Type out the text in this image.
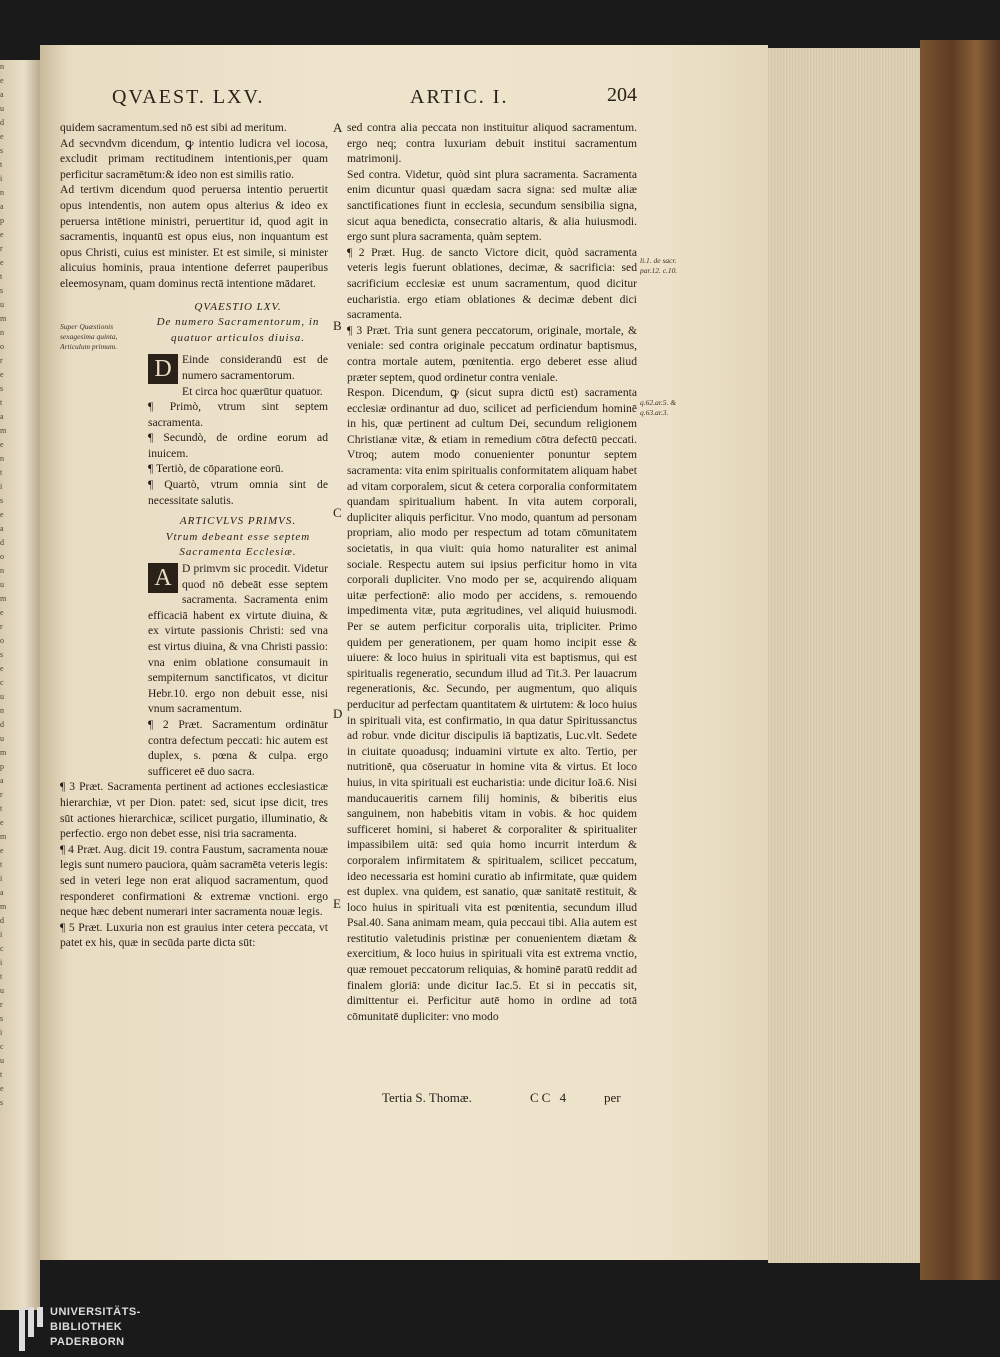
n
e
a
u
d
e
s
t
i
n
a
p
e
r
e
t
s
u
m
n
o
r
e
s
t
a
m
e
n
t
i
s
e
a
d
o
n
u
m
e
r
o
s
e
c
u
n
d
u
m
p
a
r
t
e
m
e
t
i
a
m
d
i
c
i
t
u
r
s
i
c
u
t
e
s
QVAEST. LXV.	ARTIC. I.	204

quidem sacramentum.sed nō est sibi ad meritum.

Ad secvndvm dicendum, ꝙ intentio ludicra vel iocosa, excludit primam rectitudinem intentionis,per quam perficitur sacramētum:& ideo non est similis ratio.

Ad tertivm dicendum quod peruersa intentio peruertit opus intendentis, non autem opus alterius & ideo ex peruersa intētione ministri, peruertitur id, quod agit in sacramentis, inquantū est opus eius, non inquantum est opus Christi, cuius est minister. Et est simile, si minister alicuius hominis, praua intentione deferret pauperibus eleemosynam, quam dominus rectā intentione mādaret.

QVAESTIO LXV.

De numero Sacramentorum, in quatuor articulos diuisa.

D Einde considerandū est de numero sacramentorum.

Et circa hoc quærūtur quatuor.

¶ Primò, vtrum sint septem sacramenta.

¶ Secundò, de ordine eorum ad inuicem.

¶ Tertiò, de cōparatione eorū.

¶ Quartò, vtrum omnia sint de necessitate salutis.

ARTICVLVS PRIMVS.

Vtrum debeant esse septem Sacramenta Ecclesiæ.

A D primvm sic procedit. Videtur quod nō debeāt esse septem sacramenta. Sacramenta enim efficaciā habent ex virtute diuina, & ex virtute passionis Christi: sed vna est virtus diuina, & vna Christi passio: vna enim oblatione consumauit in sempiternum sanctificatos, vt dicitur Hebr.10. ergo non debuit esse, nisi vnum sacramentum.

¶ 2 Præt. Sacramentum ordinātur contra defectum peccati: hic autem est duplex, s. pœna & culpa. ergo sufficeret eē duo sacra.

¶ 3 Præt. Sacramenta pertinent ad actiones ecclesiasticæ hierarchiæ, vt per Dion. patet: sed, sicut ipse dicit, tres sūt actiones hierarchicæ, scilicet purgatio, illuminatio, & perfectio. ergo non debet esse, nisi tria sacramenta.

¶ 4 Præt. Aug. dicit 19. contra Faustum, sacramenta nouæ legis sunt numero pauciora, quàm sacramēta veteris legis: sed in veteri lege non erat aliquod sacramentum, quod responderet confirmationi & extremæ vnctioni. ergo neque hæc debent numerari inter sacramenta nouæ legis.

¶ 5 Præt. Luxuria non est grauius inter cetera peccata, vt patet ex his, quæ in secūda parte dicta sūt:

Super Quæstionis sexagesima quinta, Articulum primum.

sed contra alia peccata non instituitur aliquod sacramentum. ergo neq; contra luxuriam debuit institui sacramentum matrimonij.

Sed contra. Videtur, quòd sint plura sacramenta. Sacramenta enim dicuntur quasi quædam sacra signa: sed multæ aliæ sanctificationes fiunt in ecclesia, secundum sensibilia signa, sicut aqua benedicta, consecratio altaris, & alia huiusmodi. ergo sunt plura sacramenta, quàm septem.

¶ 2 Præt. Hug. de sancto Victore dicit, quòd sacramenta veteris legis fuerunt oblationes, decimæ, & sacrificia: sed sacrificium ecclesiæ est unum sacramentum, quod dicitur eucharistia. ergo etiam oblationes & decimæ debent dici sacramenta.

¶ 3 Præt. Tria sunt genera peccatorum, originale, mortale, & veniale: sed contra originale peccatum ordinatur baptismus, contra mortale autem, pœnitentia. ergo deberet esse aliud præter septem, quod ordinetur contra veniale.

Respon. Dicendum, ꝙ (sicut supra dictū est) sacramenta ecclesiæ ordinantur ad duo, scilicet ad perficiendum hominē in his, quæ pertinent ad cultum Dei, secundum religionem Christianæ vitæ, & etiam in remedium cōtra defectū peccati. Vtroq; autem modo conuenienter ponuntur septem sacramenta: vita enim spiritualis conformitatem aliquam habet ad vitam corporalem, sicut & cetera corporalia conformitatem quandam spiritualium habent. In vita autem corporali, dupliciter aliquis perficitur. Vno modo, quantum ad personam propriam, alio modo per respectum ad totam cōmunitatem societatis, in qua viuit: quia homo naturaliter est animal sociale. Respectu autem sui ipsius perficitur homo in vita corporali dupliciter. Vno modo per se, acquirendo aliquam uitæ perfectionē: alio modo per accidens, s. remouendo impedimenta vitæ, puta ægritudines, vel aliquid huiusmodi. Per se autem perficitur corporalis uita, tripliciter. Primo quidem per generationem, per quam homo incipit esse & uiuere: & loco huius in spirituali vita est baptismus, qui est spiritualis regeneratio, secundum illud ad Tit.3. Per lauacrum regenerationis, &c. Secundo, per augmentum, quo aliquis perducitur ad perfectam quantitatem & uirtutem: & loco huius in spirituali vita, est confirmatio, in qua datur Spiritussanctus ad robur. vnde dicitur discipulis iā baptizatis, Luc.vlt. Sedete in ciuitate quoadusq; induamini virtute ex alto. Tertio, per nutritionē, qua cōseruatur in homine vita & virtus. Et loco huius, in vita spirituali est eucharistia: unde dicitur Ioā.6. Nisi manducaueritis carnem filij hominis, & biberitis eius sanguinem, non habebitis vitam in vobis. & hoc quidem sufficeret homini, si haberet & corporaliter & spiritualiter impassibilem uitā: sed quia homo incurrit interdum & corporalem infirmitatem & spiritualem, scilicet peccatum, ideo necessaria est homini curatio ab infirmitate, quæ quidem est duplex. vna quidem, est sanatio, quæ sanitatē restituit, & loco huius in spirituali vita est pœnitentia, secundum illud Psal.40. Sana animam meam, quia peccaui tibi. Alia autem est restitutio valetudinis pristinæ per conuenientem diætam & exercitium, & loco huius in spirituali vita est extrema vnctio, quæ remouet peccatorum reliquias, & hominē paratū reddit ad finalem gloriā: unde dicitur Iac.5. Et si in peccatis sit, dimittentur ei. Perficitur autē homo in ordine ad totā cōmunitatē dupliciter: vno modo

li.1. de sacr. par.12. c.10.
q.62.ar.5. & q.63.ar.3.
A
B
C
D
E
Tertia S. Thomæ.	CC 4	per
UNIVERSITÄTS-
BIBLIOTHEK
PADERBORN
